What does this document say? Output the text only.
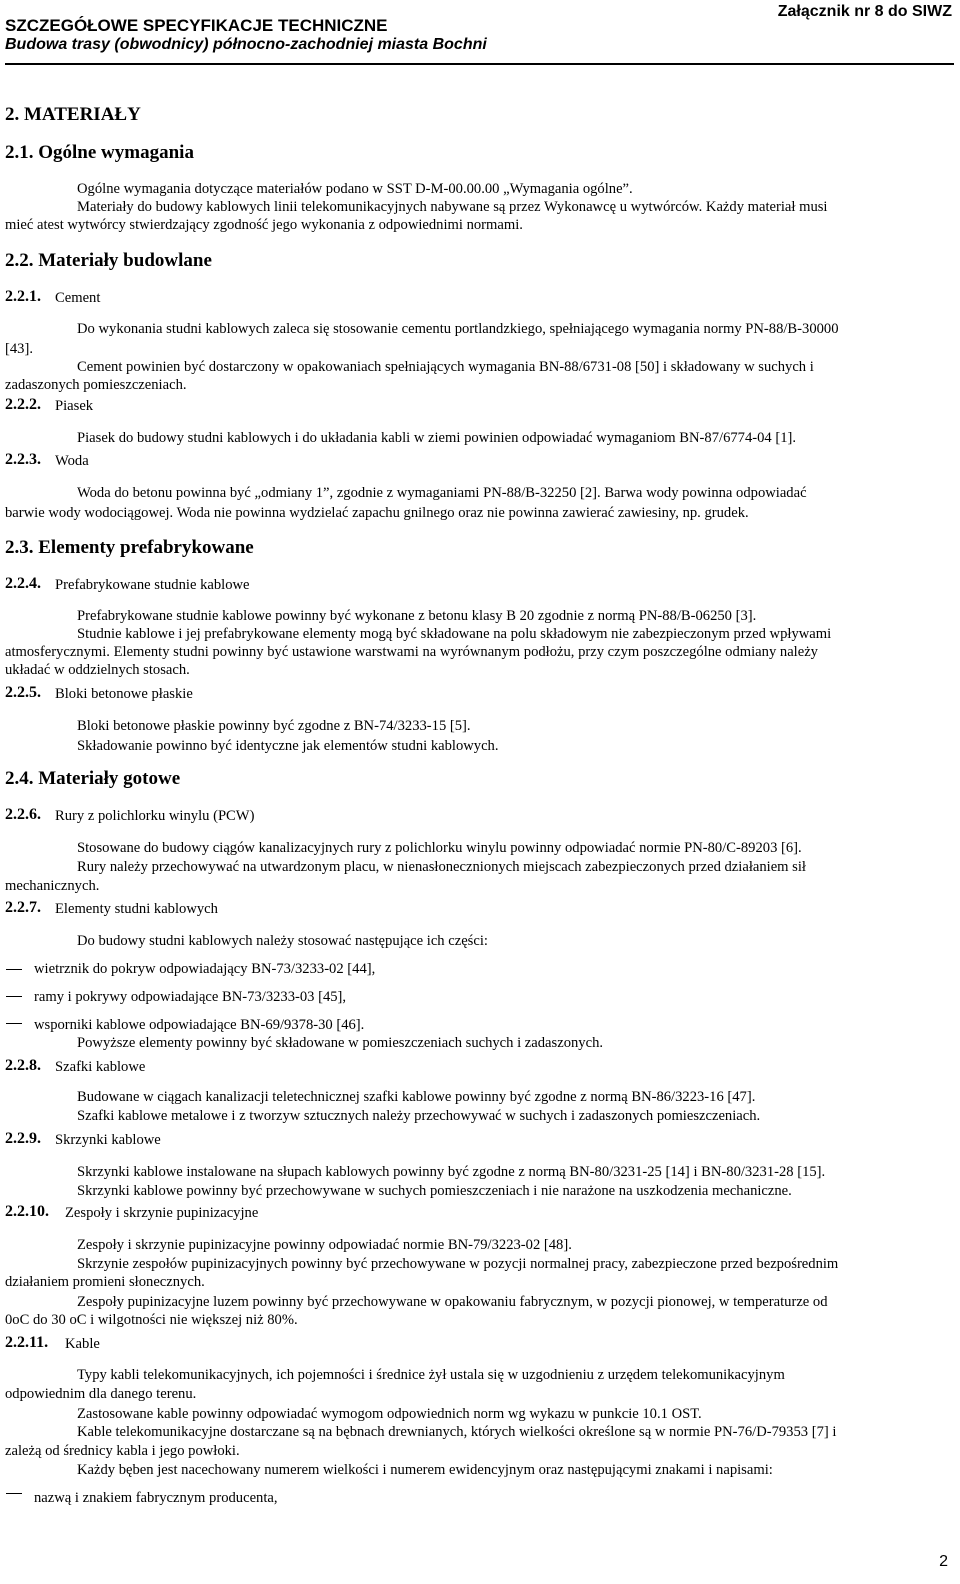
SZCZEGÓŁOWE SPECYFIKACJE TECHNICZNE
Załącznik nr 8 do SIWZ
Budowa trasy (obwodnicy) północno-zachodniej miasta Bochni
2. MATERIAŁY
2.1. Ogólne wymagania
Ogólne wymagania dotyczące materiałów podano w SST D-M-00.00.00 „Wymagania ogólne”.
Materiały do budowy kablowych linii telekomunikacyjnych nabywane są przez Wykonawcę u wytwórców. Każdy materiał musi
mieć atest wytwórcy stwierdzający zgodność jego wykonania z odpowiednimi normami.
2.2. Materiały budowlane
2.2.1. Cement
Do wykonania studni kablowych zaleca się stosowanie cementu portlandzkiego, spełniającego wymagania normy PN-88/B-30000
[43].
Cement powinien być dostarczony w opakowaniach spełniających wymagania BN-88/6731-08 [50] i składowany w suchych i
zadaszonych pomieszczeniach.
2.2.2. Piasek
Piasek do budowy studni kablowych i do układania kabli w ziemi powinien odpowiadać wymaganiom BN-87/6774-04 [1].
2.2.3. Woda
Woda do betonu powinna być „odmiany 1”, zgodnie z wymaganiami PN-88/B-32250 [2]. Barwa wody powinna odpowiadać
barwie wody wodociągowej. Woda nie powinna wydzielać zapachu gnilnego oraz nie powinna zawierać zawiesiny, np. grudek.
2.3. Elementy prefabrykowane
2.2.4. Prefabrykowane studnie kablowe
Prefabrykowane studnie kablowe powinny być wykonane z betonu klasy B 20 zgodnie z normą PN-88/B-06250 [3].
Studnie kablowe i jej prefabrykowane elementy mogą być składowane na polu składowym nie zabezpieczonym przed wpływami
atmosferycznymi. Elementy studni powinny być ustawione warstwami na wyrównanym podłożu, przy czym poszczególne odmiany należy
układać w oddzielnych stosach.
2.2.5. Bloki betonowe płaskie
Bloki betonowe płaskie powinny być zgodne z BN-74/3233-15 [5].
Składowanie powinno być identyczne jak elementów studni kablowych.
2.4. Materiały gotowe
2.2.6. Rury z polichlorku winylu (PCW)
Stosowane do budowy ciągów kanalizacyjnych rury z polichlorku winylu powinny odpowiadać normie PN-80/C-89203 [6].
Rury należy przechowywać na utwardzonym placu, w nienasłonecznionych miejscach zabezpieczonych przed działaniem sił
mechanicznych.
2.2.7. Elementy studni kablowych
Do budowy studni kablowych należy stosować następujące ich części:
wietrznik do pokryw odpowiadający BN-73/3233-02 [44],
ramy i pokrywy odpowiadające BN-73/3233-03 [45],
wsporniki kablowe odpowiadające BN-69/9378-30 [46].
Powyższe elementy powinny być składowane w pomieszczeniach suchych i zadaszonych.
2.2.8. Szafki kablowe
Budowane w ciągach kanalizacji teletechnicznej szafki kablowe powinny być zgodne z normą BN-86/3223-16 [47].
Szafki kablowe metalowe i z tworzyw sztucznych należy przechowywać w suchych i zadaszonych pomieszczeniach.
2.2.9. Skrzynki kablowe
Skrzynki kablowe instalowane na słupach kablowych powinny być zgodne z normą BN-80/3231-25 [14] i BN-80/3231-28 [15].
Skrzynki kablowe powinny być przechowywane w suchych pomieszczeniach i nie narażone na uszkodzenia mechaniczne.
2.2.10. Zespoły i skrzynie pupinizacyjne
Zespoły i skrzynie pupinizacyjne powinny odpowiadać normie BN-79/3223-02 [48].
Skrzynie zespołów pupinizacyjnych powinny być przechowywane w pozycji normalnej pracy, zabezpieczone przed bezpośrednim
działaniem promieni słonecznych.
Zespoły pupinizacyjne luzem powinny być przechowywane w opakowaniu fabrycznym, w pozycji pionowej, w temperaturze od
0oC do 30 oC i wilgotności nie większej niż 80%.
2.2.11. Kable
Typy kabli telekomunikacyjnych, ich pojemności i średnice żył ustala się w uzgodnieniu z urzędem telekomunikacyjnym
odpowiednim dla danego terenu.
Zastosowane kable powinny odpowiadać wymogom odpowiednich norm wg wykazu w punkcie 10.1 OST.
Kable telekomunikacyjne dostarczane są na bębnach drewnianych, których wielkości określone są w normie PN-76/D-79353 [7] i
zależą od średnicy kabla i jego powłoki.
Każdy bęben jest nacechowany numerem wielkości i numerem ewidencyjnym oraz następującymi znakami i napisami:
nazwą i znakiem fabrycznym producenta,
2
